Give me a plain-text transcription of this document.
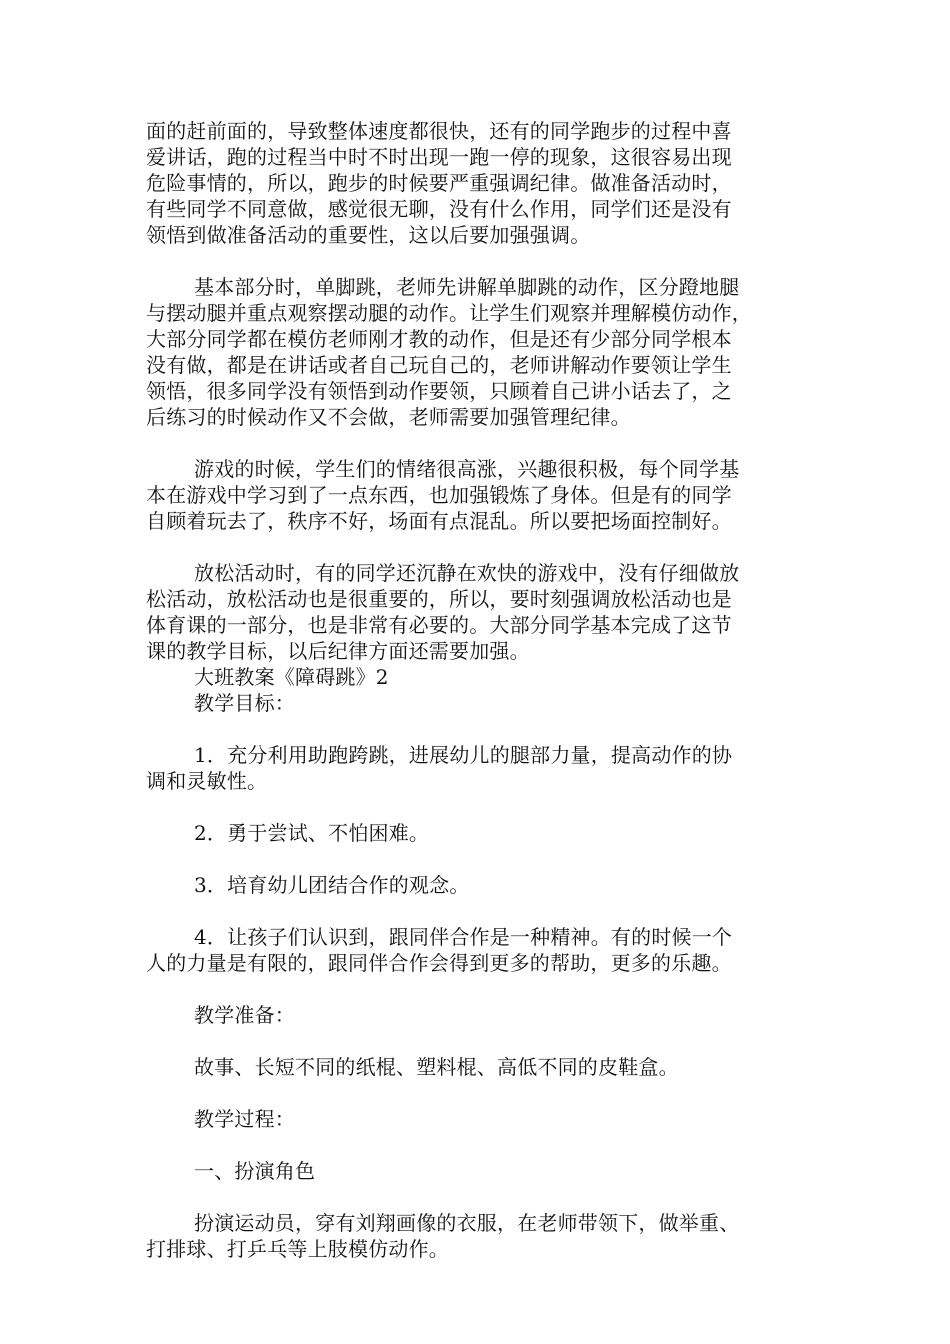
面的赶前面的，导致整体速度都很快，还有的同学跑步的过程中喜
爱讲话，跑的过程当中时不时出现一跑一停的现象，这很容易出现
危险事情的，所以，跑步的时候要严重强调纪律。做准备活动时，
有些同学不同意做，感觉很无聊，没有什么作用，同学们还是没有
领悟到做准备活动的重要性，这以后要加强强调。

基本部分时，单脚跳，老师先讲解单脚跳的动作，区分蹬地腿
与摆动腿并重点观察摆动腿的动作。让学生们观察并理解模仿动作，
大部分同学都在模仿老师刚才教的动作，但是还有少部分同学根本
没有做，都是在讲话或者自己玩自己的，老师讲解动作要领让学生
领悟，很多同学没有领悟到动作要领，只顾着自己讲小话去了，之
后练习的时候动作又不会做，老师需要加强管理纪律。

游戏的时候，学生们的情绪很高涨，兴趣很积极，每个同学基
本在游戏中学习到了一点东西，也加强锻炼了身体。但是有的同学
自顾着玩去了，秩序不好，场面有点混乱。所以要把场面控制好。

放松活动时，有的同学还沉静在欢快的游戏中，没有仔细做放
松活动，放松活动也是很重要的，所以，要时刻强调放松活动也是
体育课的一部分，也是非常有必要的。大部分同学基本完成了这节
课的教学目标，以后纪律方面还需要加强。

大班教案《障碍跳》2

教学目标：

1．充分利用助跑跨跳，进展幼儿的腿部力量，提高动作的协
调和灵敏性。

2．勇于尝试、不怕困难。

3．培育幼儿团结合作的观念。

4．让孩子们认识到，跟同伴合作是一种精神。有的时候一个
人的力量是有限的，跟同伴合作会得到更多的帮助，更多的乐趣。

教学准备：

故事、长短不同的纸棍、塑料棍、高低不同的皮鞋盒。

教学过程：

一、扮演角色

扮演运动员，穿有刘翔画像的衣服，在老师带领下，做举重、
打排球、打乒乓等上肢模仿动作。
